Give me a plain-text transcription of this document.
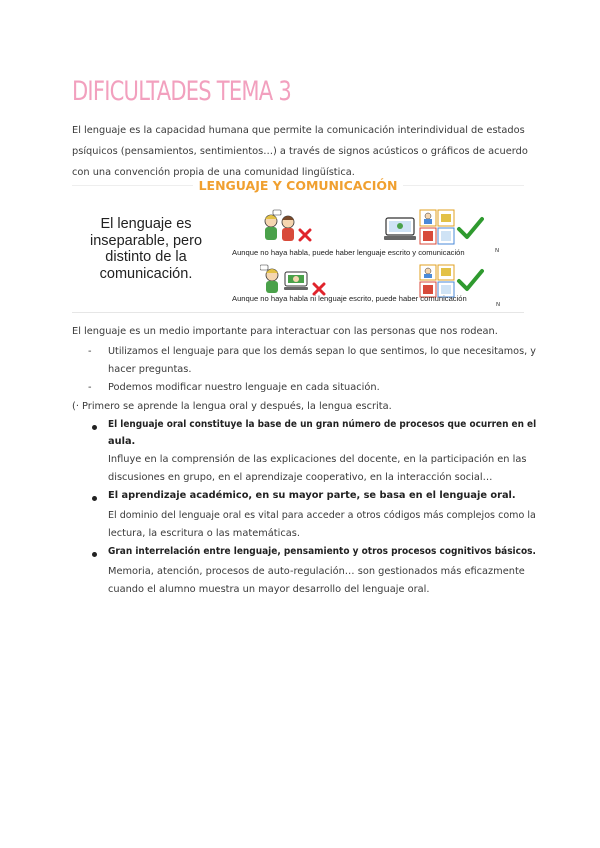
DIFICULTADES TEMA 3
El lenguaje es la capacidad humana que permite la comunicación interindividual de estados psíquicos (pensamientos, sentimientos…) a través de signos acústicos o gráficos de acuerdo con una convención propia de una comunidad lingüística.
LENGUAJE Y COMUNICACIÓN
El lenguaje es inseparable, pero distinto de la comunicación.
Aunque no haya habla, puede haber lenguaje escrito y comunicación	N
Aunque no haya habla ni lenguaje escrito, puede haber comunicación
N
El lenguaje es un medio importante para interactuar con las personas que nos rodean.
- Utilizamos el lenguaje para que los demás sepan lo que sentimos, lo que necesitamos, y
hacer preguntas.
- Podemos modificar nuestro lenguaje en cada situación.
(· Primero se aprende la lengua oral y después, la lengua escrita.
El lenguaje oral constituye la base de un gran número de procesos que ocurren en el
aula.
Influye en la comprensión de las explicaciones del docente, en la participación en las
discusiones en grupo, en el aprendizaje cooperativo, en la interacción social…
El aprendizaje académico, en su mayor parte, se basa en el lenguaje oral.
El dominio del lenguaje oral es vital para acceder a otros códigos más complejos como la
lectura, la escritura o las matemáticas.
Gran interrelación entre lenguaje, pensamiento y otros procesos cognitivos básicos.
Memoria, atención, procesos de auto-regulación… son gestionados más eficazmente
cuando el alumno muestra un mayor desarrollo del lenguaje oral.
